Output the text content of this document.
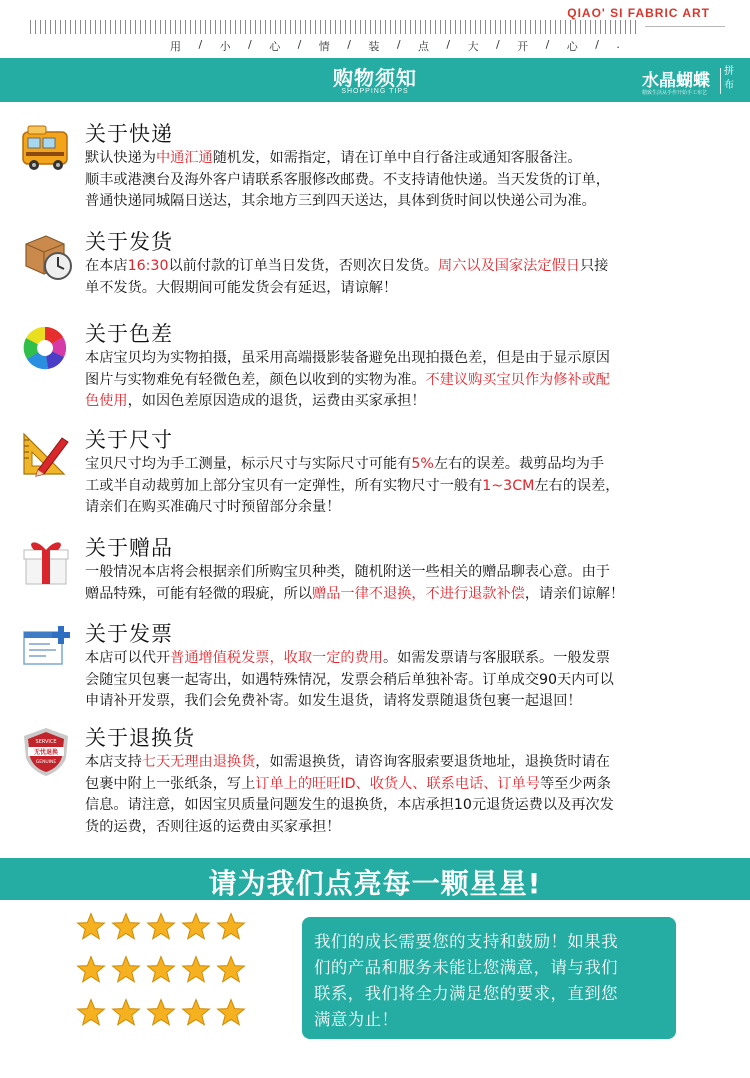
QIAO' SI FABRIC ART
用 / 小 / 心 / 情 / 装 / 点 / 大 / 开 / 心 / .
购物须知
SHOPPING TIPS
水晶蝴蝶 拼
布
精致生活从手作开始手工布艺
关于快递
默认快递为中通汇通随机发，如需指定，请在订单中自行备注或通知客服备注。
顺丰或港澳台及海外客户请联系客服修改邮费。不支持请他快递。当天发货的订单，
普通快递同城隔日送达，其余地方三到四天送达，具体到货时间以快递公司为准。
关于发货
在本店16:30以前付款的订单当日发货，否则次日发货。周六以及国家法定假日只接
单不发货。大假期间可能发货会有延迟，请谅解！
关于色差
本店宝贝均为实物拍摄，虽采用高端摄影装备避免出现拍摄色差，但是由于显示原因
图片与实物难免有轻微色差，颜色以收到的实物为准。不建议购买宝贝作为修补或配
色使用，如因色差原因造成的退货，运费由买家承担！
关于尺寸
宝贝尺寸均为手工测量，标示尺寸与实际尺寸可能有5%左右的误差。裁剪品均为手
工或半自动裁剪加上部分宝贝有一定弹性，所有实物尺寸一般有1~3CM左右的误差，
请亲们在购买准确尺寸时预留部分余量！
关于赠品
一般情况本店将会根据亲们所购宝贝种类，随机附送一些相关的赠品聊表心意。由于
赠品特殊，可能有轻微的瑕疵，所以赠品一律不退换，不进行退款补偿，请亲们谅解！
关于发票
本店可以代开普通增值税发票，收取一定的费用。如需发票请与客服联系。一般发票
会随宝贝包裹一起寄出，如遇特殊情况，发票会稍后单独补寄。订单成交90天内可以
申请补开发票，我们会免费补寄。如发生退货，请将发票随退货包裹一起退回！
SERVICE
无忧退换
GENUINE
关于退换货
本店支持七天无理由退换货，如需退换货，请咨询客服索要退货地址，退换货时请在
包裹中附上一张纸条，写上订单上的旺旺ID、收货人、联系电话、订单号等至少两条
信息。请注意，如因宝贝质量问题发生的退换货，本店承担10元退货运费以及再次发
货的运费，否则往返的运费由买家承担！
请为我们点亮每一颗星星!

我们的成长需要您的支持和鼓励！如果我

们的产品和服务未能让您满意，请与我们

联系，我们将全力满足您的要求，直到您

满意为止！
